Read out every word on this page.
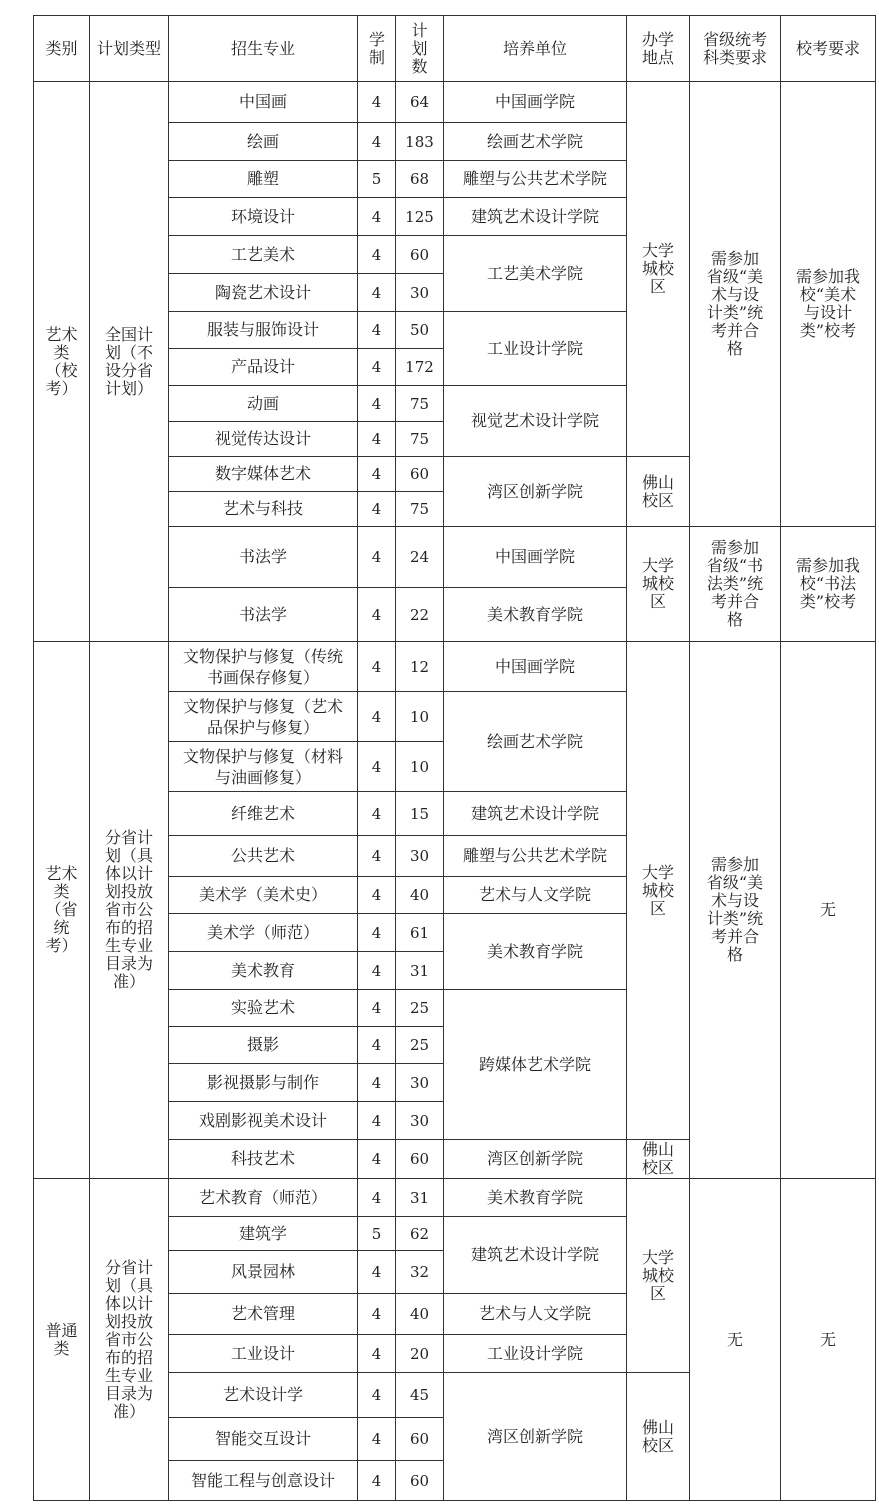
类别	计划类型	招生专业	学制	计划数	培养单位	办学地点	省级统考科类要求	校考要求
艺术类（校考）	全国计划（不设分省计划）	中国画	4	64	中国画学院	大学城校区	需参加省级“美术与设计类”统考并合格	需参加我校“美术与设计类”校考
		绘画	4	183	绘画艺术学院			
		雕塑	5	68	雕塑与公共艺术学院			
		环境设计	4	125	建筑艺术设计学院			
		工艺美术	4	60	工艺美术学院			
		陶瓷艺术设计	4	30				
		服装与服饰设计	4	50	工业设计学院			
		产品设计	4	172				
		动画	4	75	视觉艺术设计学院			
		视觉传达设计	4	75				
		数字媒体艺术	4	60	湾区创新学院	佛山校区		
		艺术与科技	4	75				
		书法学	4	24	中国画学院	大学城校区	需参加省级“书法类”统考并合格	需参加我校“书法类”校考
		书法学	4	22	美术教育学院			
艺术类（省统考）	分省计划（具体以计划投放省市公布的招生专业目录为准）	文物保护与修复（传统书画保存修复）	4	12	中国画学院	大学城校区	需参加省级“美术与设计类”统考并合格	无
		文物保护与修复（艺术品保护与修复）	4	10	绘画艺术学院			
		文物保护与修复（材料与油画修复）	4	10				
		纤维艺术	4	15	建筑艺术设计学院			
		公共艺术	4	30	雕塑与公共艺术学院			
		美术学（美术史）	4	40	艺术与人文学院			
		美术学（师范）	4	61	美术教育学院			
		美术教育	4	31				
		实验艺术	4	25	跨媒体艺术学院			
		摄影	4	25				
		影视摄影与制作	4	30				
		戏剧影视美术设计	4	30				
		科技艺术	4	60	湾区创新学院	佛山校区		
普通类	分省计划（具体以计划投放省市公布的招生专业目录为准）	艺术教育（师范）	4	31	美术教育学院	大学城校区	无	无
		建筑学	5	62	建筑艺术设计学院			
		风景园林	4	32				
		艺术管理	4	40	艺术与人文学院			
		工业设计	4	20	工业设计学院			
		艺术设计学	4	45	湾区创新学院	佛山校区		
		智能交互设计	4	60				
		智能工程与创意设计	4	60				
